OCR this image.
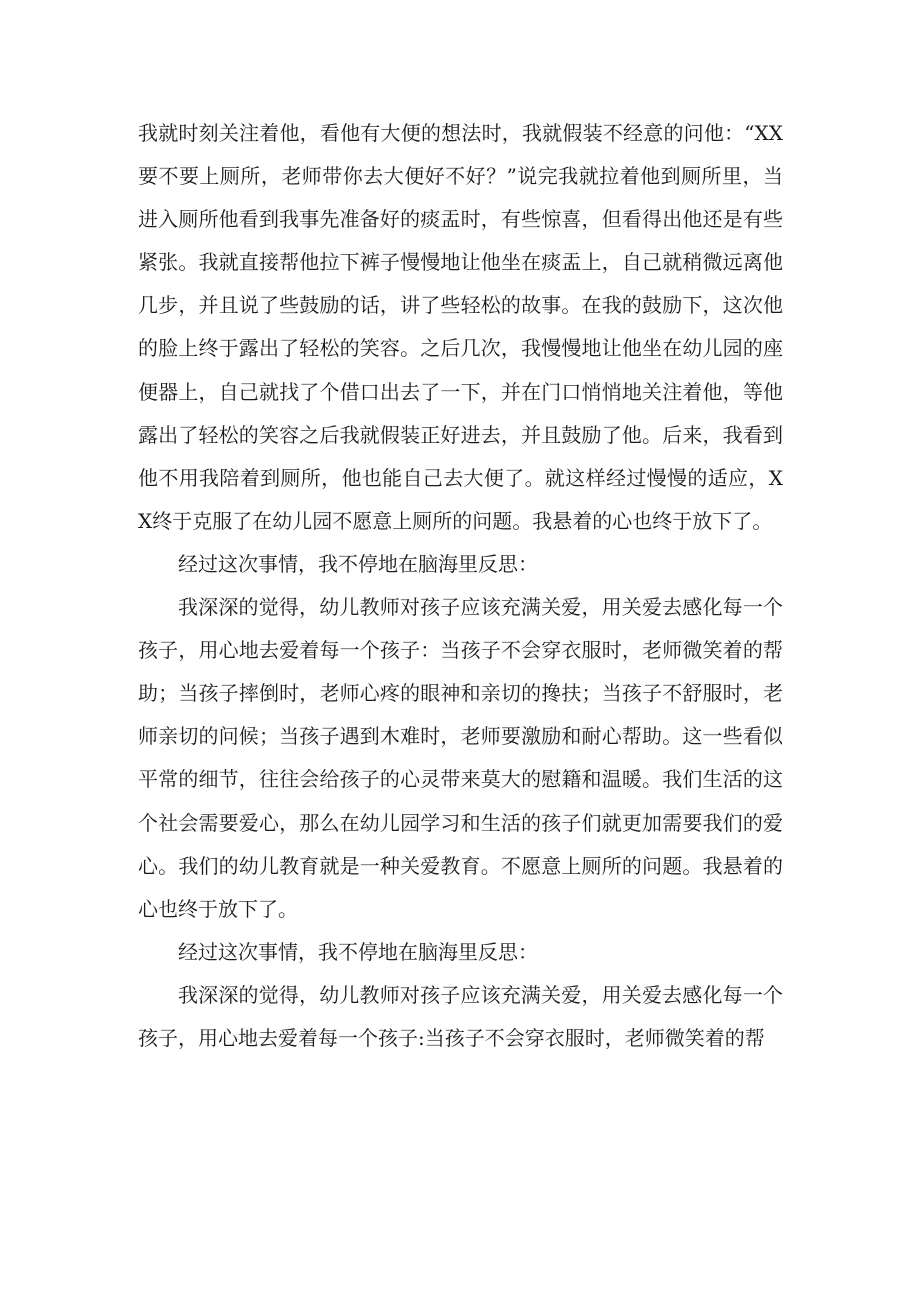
我就时刻关注着他，看他有大便的想法时，我就假装不经意的问他：“XX要不要上厕所，老师带你去大便好不好？”说完我就拉着他到厕所里，当进入厕所他看到我事先准备好的痰盂时，有些惊喜，但看得出他还是有些紧张。我就直接帮他拉下裤子慢慢地让他坐在痰盂上，自己就稍微远离他几步，并且说了些鼓励的话，讲了些轻松的故事。在我的鼓励下，这次他的脸上终于露出了轻松的笑容。之后几次，我慢慢地让他坐在幼儿园的座便器上，自己就找了个借口出去了一下，并在门口悄悄地关注着他，等他露出了轻松的笑容之后我就假装正好进去，并且鼓励了他。后来，我看到他不用我陪着到厕所，他也能自己去大便了。就这样经过慢慢的适应，XX终于克服了在幼儿园不愿意上厕所的问题。我悬着的心也终于放下了。

经过这次事情，我不停地在脑海里反思：

我深深的觉得，幼儿教师对孩子应该充满关爱，用关爱去感化每一个孩子，用心地去爱着每一个孩子：当孩子不会穿衣服时，老师微笑着的帮助；当孩子摔倒时，老师心疼的眼神和亲切的搀扶；当孩子不舒服时，老师亲切的问候；当孩子遇到木难时，老师要激励和耐心帮助。这一些看似平常的细节，往往会给孩子的心灵带来莫大的慰籍和温暖。我们生活的这个社会需要爱心，那么在幼儿园学习和生活的孩子们就更加需要我们的爱心。我们的幼儿教育就是一种关爱教育。不愿意上厕所的问题。我悬着的心也终于放下了。

经过这次事情，我不停地在脑海里反思：

我深深的觉得，幼儿教师对孩子应该充满关爱，用关爱去感化每一个孩子，用心地去爱着每一个孩子:当孩子不会穿衣服时，老师微笑着的帮
